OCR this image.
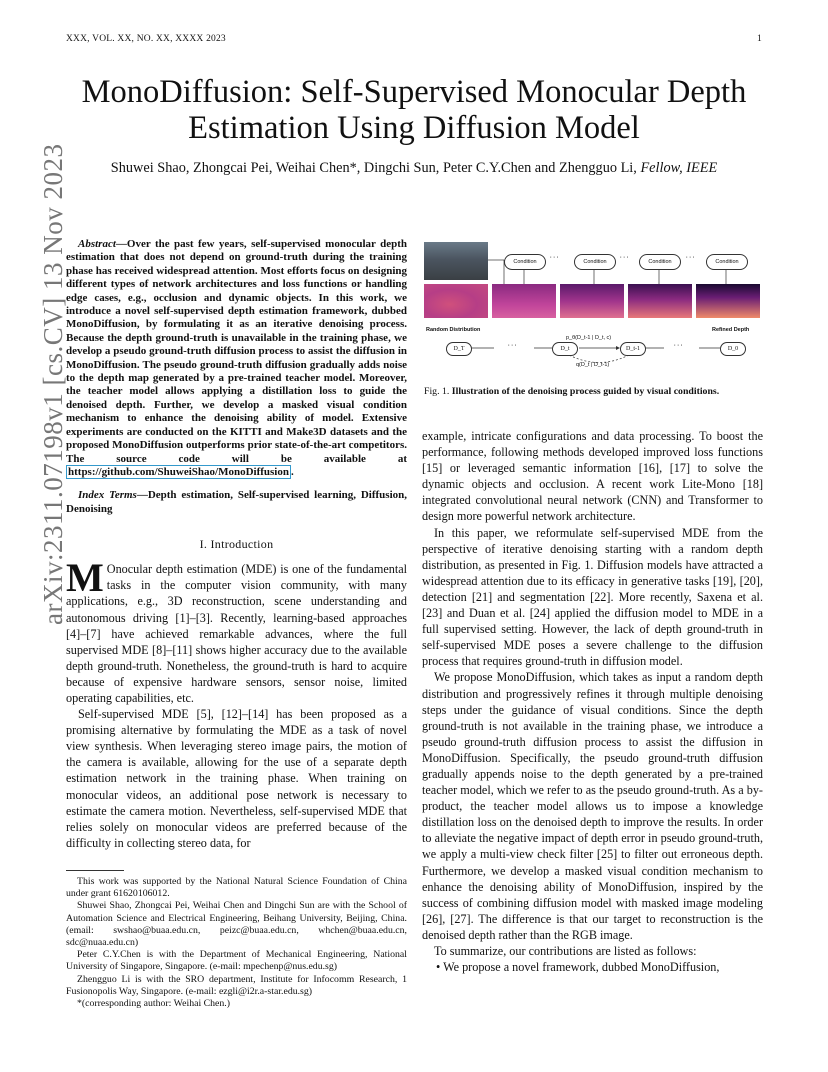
XXX, VOL. XX, NO. XX, XXXX 2023	1
arXiv:2311.07198v1 [cs.CV] 13 Nov 2023
MonoDiffusion: Self-Supervised Monocular Depth Estimation Using Diffusion Model
Shuwei Shao, Zhongcai Pei, Weihai Chen*, Dingchi Sun, Peter C.Y.Chen and Zhengguo Li, Fellow, IEEE
Abstract—Over the past few years, self-supervised monocular depth estimation that does not depend on ground-truth during the training phase has received widespread attention. Most efforts focus on designing different types of network architectures and loss functions or handling edge cases, e.g., occlusion and dynamic objects. In this work, we introduce a novel self-supervised depth estimation framework, dubbed MonoDiffusion, by formulating it as an iterative denoising process. Because the depth ground-truth is unavailable in the training phase, we develop a pseudo ground-truth diffusion process to assist the diffusion in MonoDiffusion. The pseudo ground-truth diffusion gradually adds noise to the depth map generated by a pre-trained teacher model. Moreover, the teacher model allows applying a distillation loss to guide the denoised depth. Further, we develop a masked visual condition mechanism to enhance the denoising ability of model. Extensive experiments are conducted on the KITTI and Make3D datasets and the proposed MonoDiffusion outperforms prior state-of-the-art competitors. The source code will be available at https://github.com/ShuweiShao/MonoDiffusion .
Index Terms—Depth estimation, Self-supervised learning, Diffusion, Denoising
I. Introduction

M Onocular depth estimation (MDE) is one of the fundamental tasks in the computer vision community, with many applications, e.g., 3D reconstruction, scene understanding and autonomous driving [1]–[3]. Recently, learning-based approaches [4]–[7] have achieved remarkable advances, where the full supervised MDE [8]–[11] shows higher accuracy due to the available depth ground-truth. Nonetheless, the ground-truth is hard to acquire because of expensive hardware sensors, sensor noise, limited operating capabilities, etc.

Self-supervised MDE [5], [12]–[14] has been proposed as a promising alternative by formulating the MDE as a task of novel view synthesis. When leveraging stereo image pairs, the motion of the camera is available, allowing for the use of a separate depth estimation network in the training phase. When training on monocular videos, an additional pose network is necessary to estimate the camera motion. Nevertheless, self-supervised MDE that relies solely on monocular videos are preferred because of the difficulty in collecting stereo data, for

This work was supported by the National Natural Science Foundation of China under grant 61620106012.

Shuwei Shao, Zhongcai Pei, Weihai Chen and Dingchi Sun are with the School of Automation Science and Electrical Engineering, Beihang University, Beijing, China. (email: swshao@buaa.edu.cn, peizc@buaa.edu.cn, whchen@buaa.edu.cn, sdc@nuaa.edu.cn)

Peter C.Y.Chen is with the Department of Mechanical Engineering, National University of Singapore, Singapore. (e-mail: mpechenp@nus.edu.sg)

Zhengguo Li is with the SRO department, Institute for Infocomm Research, 1 Fusionopolis Way, Singapore. (e-mail: ezgli@i2r.a-star.edu.sg)

*(corresponding author: Weihai Chen.)

Condition
· · ·
Condition
· · ·
Condition
· · ·
Condition
Random Distribution	Refined Depth
D_T	· · ·	D_t
p_θ(D_t-1 | D_t, c)
D_t-1
q(D_t | D_t-1)
· · ·	D_0
Fig. 1. Illustration of the denoising process guided by visual conditions.

example, intricate configurations and data processing. To boost the performance, following methods developed improved loss functions [15] or leveraged semantic information [16], [17] to solve the dynamic objects and occlusion. A recent work Lite-Mono [18] integrated convolutional neural network (CNN) and Transformer to design more powerful network architecture.

In this paper, we reformulate self-supervised MDE from the perspective of iterative denoising starting with a random depth distribution, as presented in Fig. 1. Diffusion models have attracted a widespread attention due to its efficacy in generative tasks [19], [20], detection [21] and segmentation [22]. More recently, Saxena et al. [23] and Duan et al. [24] applied the diffusion model to MDE in a full supervised setting. However, the lack of depth ground-truth in self-supervised MDE poses a severe challenge to the diffusion process that requires ground-truth in diffusion model.

We propose MonoDiffusion, which takes as input a random depth distribution and progressively refines it through multiple denoising steps under the guidance of visual conditions. Since the depth ground-truth is not available in the training phase, we introduce a pseudo ground-truth diffusion process to assist the diffusion in MonoDiffusion. Specifically, the pseudo ground-truth diffusion gradually appends noise to the depth generated by a pre-trained teacher model, which we refer to as the pseudo ground-truth. As a by-product, the teacher model allows us to impose a knowledge distillation loss on the denoised depth to improve the results. In order to alleviate the negative impact of depth error in pseudo ground-truth, we apply a multi-view check filter [25] to filter out erroneous depth. Furthermore, we develop a masked visual condition mechanism to enhance the denoising ability of MonoDiffusion, inspired by the success of combining diffusion model with masked image modeling [26], [27]. The difference is that our target to reconstruction is the denoised depth rather than the RGB image.

To summarize, our contributions are listed as follows:

• We propose a novel framework, dubbed MonoDiffusion,
